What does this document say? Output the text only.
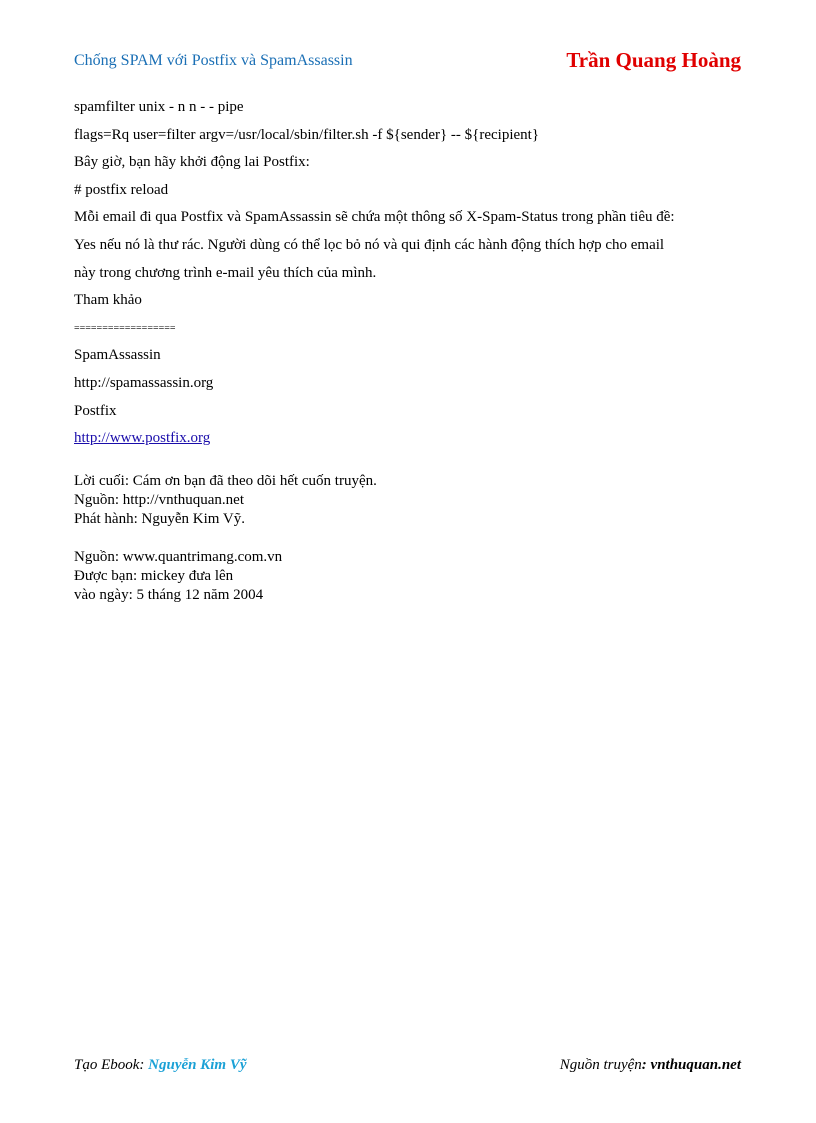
Chống SPAM với Postfix và SpamAssassin	Trần Quang Hoàng

spamfilter unix - n n - - pipe

flags=Rq user=filter argv=/usr/local/sbin/filter.sh -f ${sender} -- ${recipient}

Bây giờ, bạn hãy khởi động lai Postfix:

# postfix reload

Mỗi email đi qua Postfix và SpamAssassin sẽ chứa một thông số X-Spam-Status trong phần tiêu đề:

Yes nếu nó là thư rác. Người dùng có thể lọc bỏ nó và qui định các hành động thích hợp cho email

này trong chương trình e-mail yêu thích của mình.

Tham khảo

==================

SpamAssassin

http://spamassassin.org

Postfix

http://www.postfix.org

Lời cuối: Cám ơn bạn đã theo dõi hết cuốn truyện.

Nguồn: http://vnthuquan.net

Phát hành: Nguyễn Kim Vỹ.

Nguồn: www.quantrimang.com.vn

Được bạn: mickey đưa lên

vào ngày: 5 tháng 12 năm 2004

Tạo Ebook: Nguyễn Kim Vỹ	Nguồn truyện: vnthuquan.net
